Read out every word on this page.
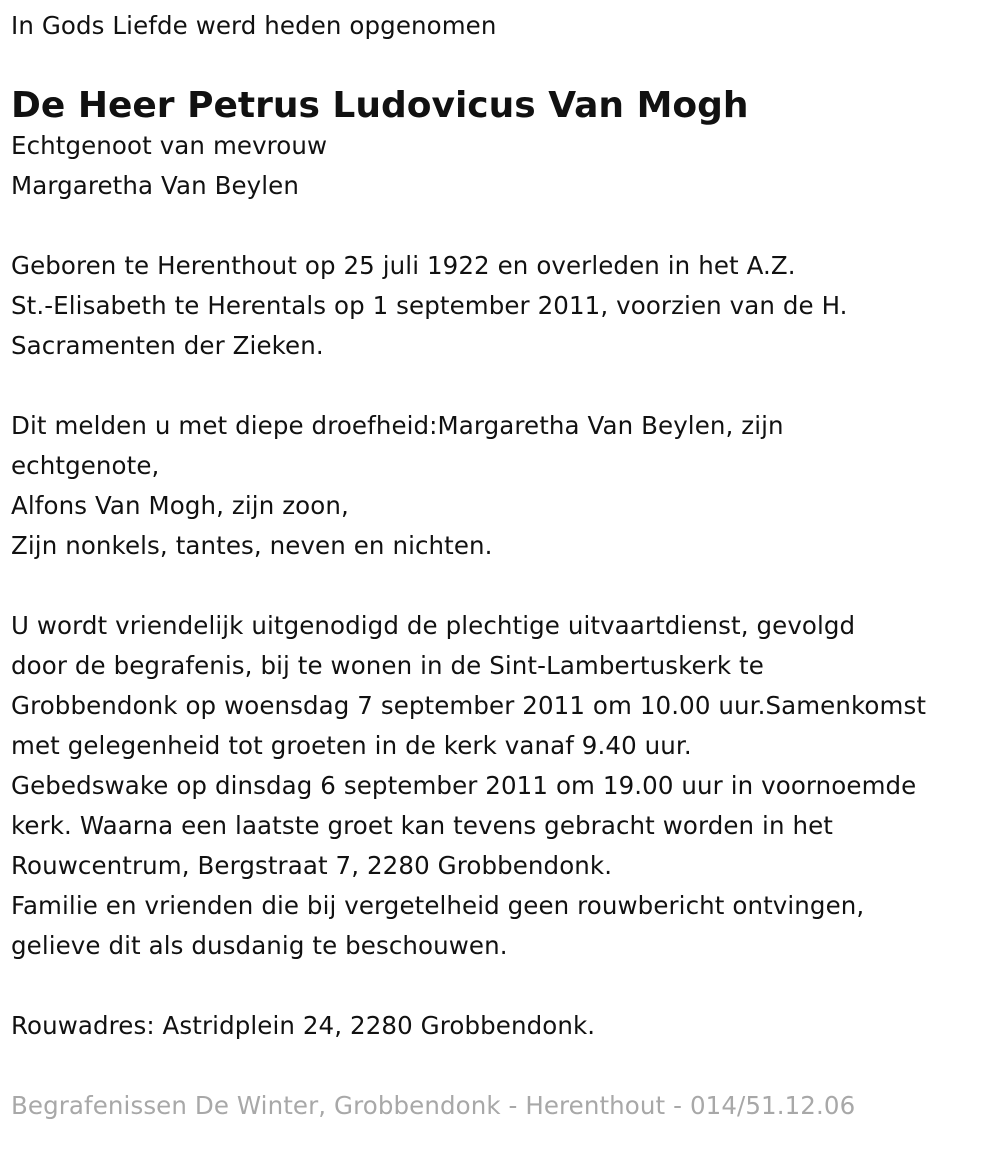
In Gods Liefde werd heden opgenomen
De Heer Petrus Ludovicus Van Mogh
Echtgenoot van mevrouw
Margaretha Van Beylen
Geboren te Herenthout op 25 juli 1922 en overleden in het A.Z.
St.-Elisabeth te Herentals op 1 september 2011, voorzien van de H.
Sacramenten der Zieken.
Dit melden u met diepe droefheid:Margaretha Van Beylen, zijn
echtgenote,
Alfons Van Mogh, zijn zoon,
Zijn nonkels, tantes, neven en nichten.
U wordt vriendelijk uitgenodigd de plechtige uitvaartdienst, gevolgd
door de begrafenis, bij te wonen in de Sint-Lambertuskerk te
Grobbendonk op woensdag 7 september 2011 om 10.00 uur.Samenkomst
met gelegenheid tot groeten in de kerk vanaf 9.40 uur.
Gebedswake op dinsdag 6 september 2011 om 19.00 uur in voornoemde
kerk. Waarna een laatste groet kan tevens gebracht worden in het
Rouwcentrum, Bergstraat 7, 2280 Grobbendonk.
Familie en vrienden die bij vergetelheid geen rouwbericht ontvingen,
gelieve dit als dusdanig te beschouwen.
Rouwadres: Astridplein 24, 2280 Grobbendonk.
Begrafenissen De Winter, Grobbendonk - Herenthout - 014/51.12.06
